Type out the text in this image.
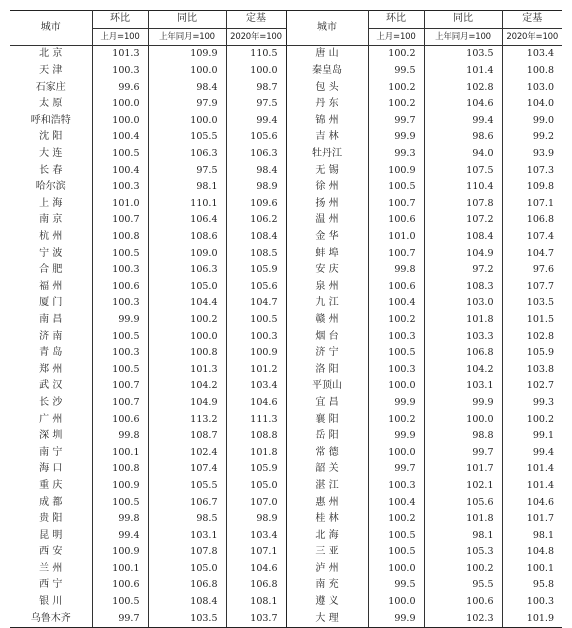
城市	环比	同比	定基	城市	环比	同比	定基
	上月=100	上年同月=100	2020年=100		上月=100	上年同月=100	2020年=100
北 京	101.3	109.9	110.5	唐 山	100.2	103.5	103.4
天 津	100.3	100.0	100.0	秦皇岛	99.5	101.4	100.8
石家庄	99.6	98.4	98.7	包 头	100.2	102.8	103.0
太 原	100.0	97.9	97.5	丹 东	100.2	104.6	104.0
呼和浩特	100.0	100.0	99.4	锦 州	99.7	99.4	99.0
沈 阳	100.4	105.5	105.6	吉 林	99.9	98.6	99.2
大 连	100.5	106.3	106.3	牡丹江	99.3	94.0	93.9
长 春	100.4	97.5	98.4	无 锡	100.9	107.5	107.3
哈尔滨	100.3	98.1	98.9	徐 州	100.5	110.4	109.8
上 海	101.0	110.1	109.6	扬 州	100.7	107.8	107.1
南 京	100.7	106.4	106.2	温 州	100.6	107.2	106.8
杭 州	100.8	108.6	108.4	金 华	101.0	108.4	107.4
宁 波	100.5	109.0	108.5	蚌 埠	100.7	104.9	104.7
合 肥	100.3	106.3	105.9	安 庆	99.8	97.2	97.6
福 州	100.6	105.0	105.6	泉 州	100.6	108.3	107.7
厦 门	100.3	104.4	104.7	九 江	100.4	103.0	103.5
南 昌	99.9	100.2	100.5	赣 州	100.2	101.8	101.5
济 南	100.5	100.0	100.3	烟 台	100.3	103.3	102.8
青 岛	100.3	100.8	100.9	济 宁	100.5	106.8	105.9
郑 州	100.5	101.3	101.2	洛 阳	100.3	104.2	103.8
武 汉	100.7	104.2	103.4	平顶山	100.0	103.1	102.7
长 沙	100.7	104.9	104.6	宜 昌	99.9	99.9	99.3
广 州	100.6	113.2	111.3	襄 阳	100.2	100.0	100.2
深 圳	99.8	108.7	108.8	岳 阳	99.9	98.8	99.1
南 宁	100.1	102.4	101.8	常 德	100.0	99.7	99.4
海 口	100.8	107.4	105.9	韶 关	99.7	101.7	101.4
重 庆	100.9	105.5	105.0	湛 江	100.3	102.1	101.4
成 都	100.5	106.7	107.0	惠 州	100.4	105.6	104.6
贵 阳	99.8	98.5	98.9	桂 林	100.2	101.8	101.7
昆 明	99.4	103.1	103.4	北 海	100.5	98.1	98.1
西 安	100.9	107.8	107.1	三 亚	100.5	105.3	104.8
兰 州	100.1	105.0	104.6	泸 州	100.0	100.2	100.1
西 宁	100.6	106.8	106.8	南 充	99.5	95.5	95.8
银 川	100.5	108.4	108.1	遵 义	100.0	100.6	100.3
乌鲁木齐	99.7	103.5	103.7	大 理	99.9	102.3	101.9
